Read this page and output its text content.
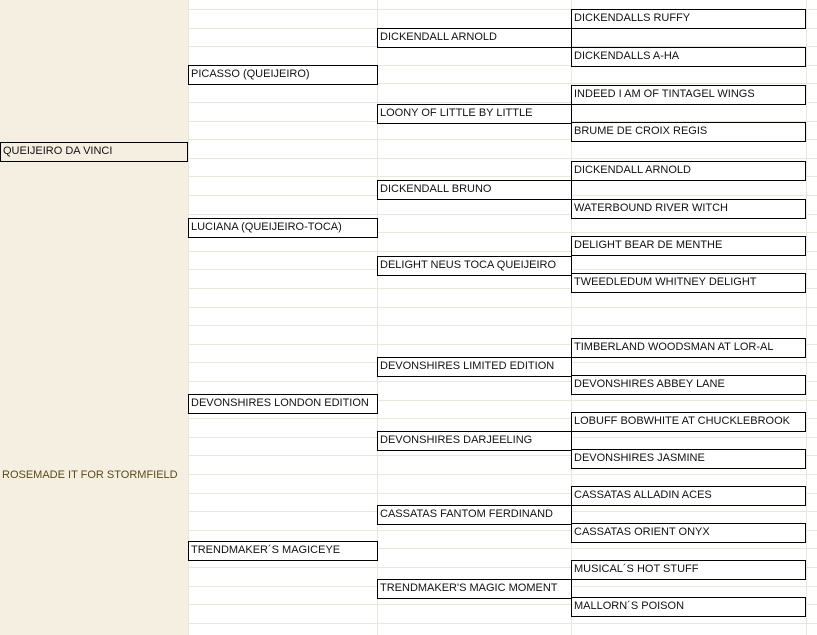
QUEIJEIRO DA VINCI
ROSEMADE IT FOR STORMFIELD
PICASSO (QUEIJEIRO)
LUCIANA (QUEIJEIRO-TOCA)
DEVONSHIRES LONDON EDITION
TRENDMAKER´S MAGICEYE
DICKENDALL ARNOLD
LOONY OF LITTLE BY LITTLE
DICKENDALL BRUNO
DELIGHT NEUS TOCA QUEIJEIRO
DEVONSHIRES LIMITED EDITION
DEVONSHIRES DARJEELING
CASSATAS FANTOM FERDINAND
TRENDMAKER'S MAGIC MOMENT
DICKENDALLS RUFFY
DICKENDALLS A-HA
INDEED I AM OF TINTAGEL WINGS
BRUME DE CROIX REGIS
DICKENDALL ARNOLD
WATERBOUND RIVER WITCH
DELIGHT BEAR DE MENTHE
TWEEDLEDUM WHITNEY DELIGHT
TIMBERLAND WOODSMAN AT LOR-AL
DEVONSHIRES ABBEY LANE
LOBUFF BOBWHITE AT CHUCKLEBROOK
DEVONSHIRES JASMINE
CASSATAS ALLADIN ACES
CASSATAS ORIENT ONYX
MUSICAL´S HOT STUFF
MALLORN´S POISON
